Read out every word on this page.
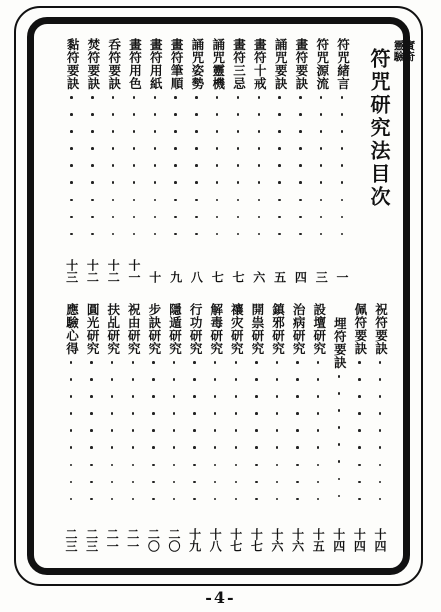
符咒研究法目次 靈驗 實奇
符咒緒言
一
符咒源流
三
畫符要訣
四
誦咒要訣
五
畫符十戒
六
畫符三忌
七
誦咒靈機
七
誦咒姿勢
八
畫符筆順
九
畫符用紙
十
畫符用色
十一
呑符要訣
十二
焚符要訣
十二
黏符要訣
十三
祝符要訣
十四
佩符要訣
十四
埋符要訣
十四
設壇研究
十五
治病研究
十六
鎮邪研究
十六
開祟研究
十七
禳灾研究
十七
解毒研究
十八
行功研究
十九
隱遁研究
二〇
步訣研究
二〇
祝由研究
二一
扶乩研究
二一
圓光研究
二三
應驗心得
二三
-4-
